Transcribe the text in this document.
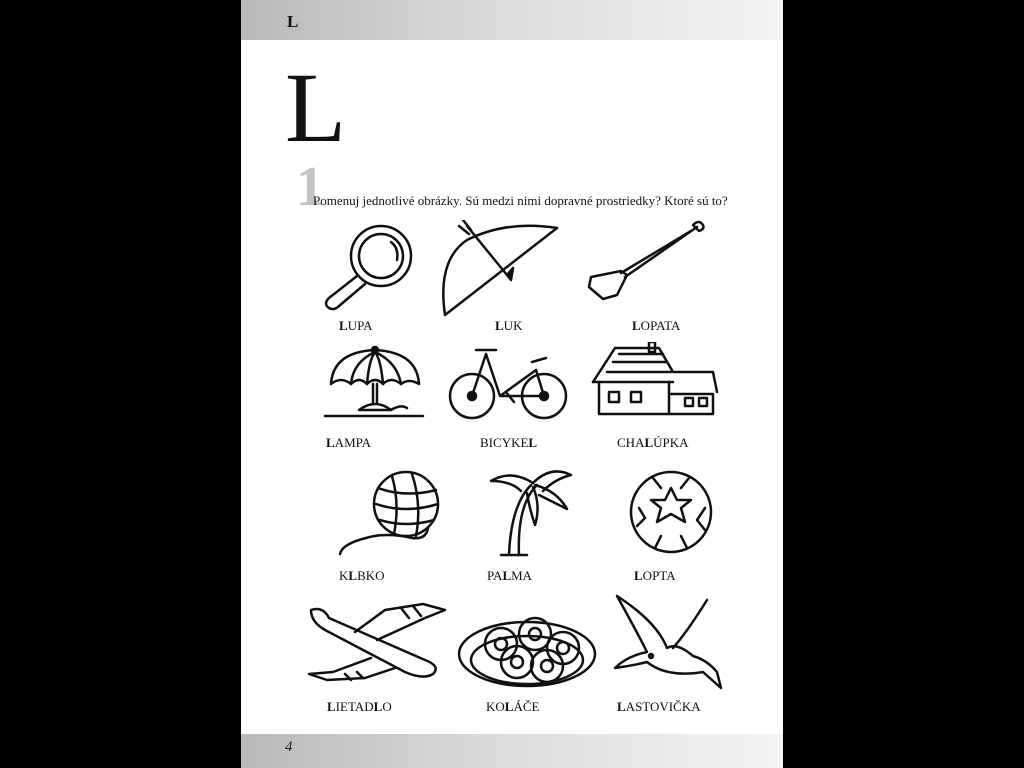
L
L
1
Pomenuj jednotlivé obrázky. Sú medzi nimi dopravné prostriedky? Ktoré sú to?
LUPA	LUK	LOPATA
LAMPA	BICYKEL	CHALÚPKA
KLBKO	PALMA	LOPTA
LIETADLO	KOLÁČE	LASTOVIČKA
4
